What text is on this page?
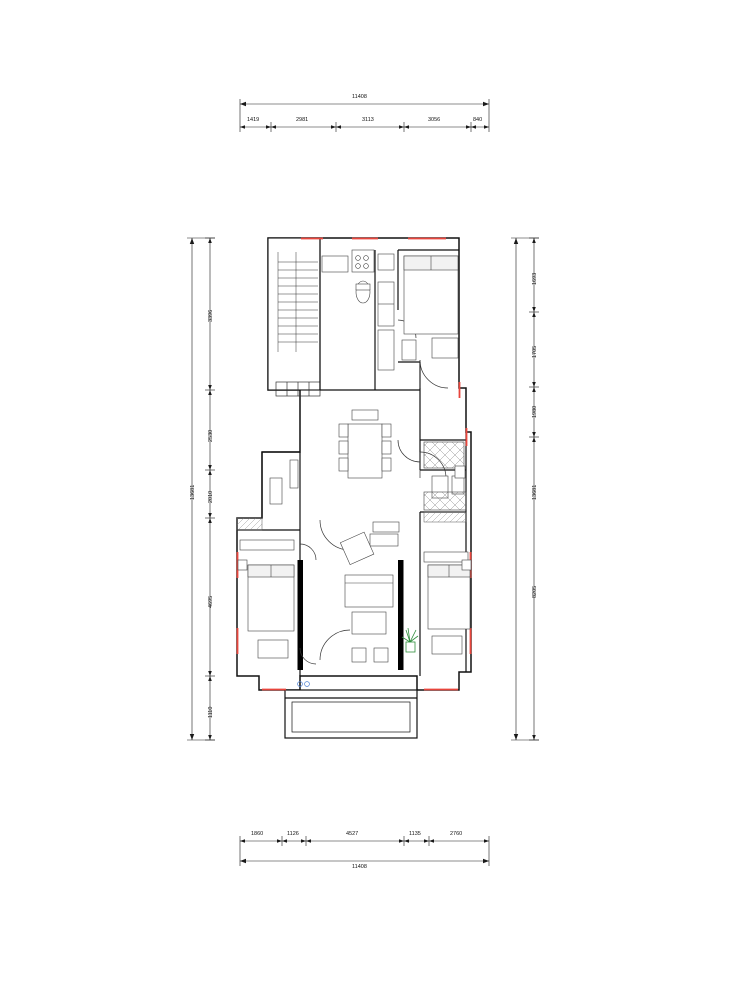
11408
1419	2981	3113	3056	840
1860	1126	4527	1135	2760
11408
13681
3396
2530
2010
4695
1110
13681
1693
1705
1980
8205
